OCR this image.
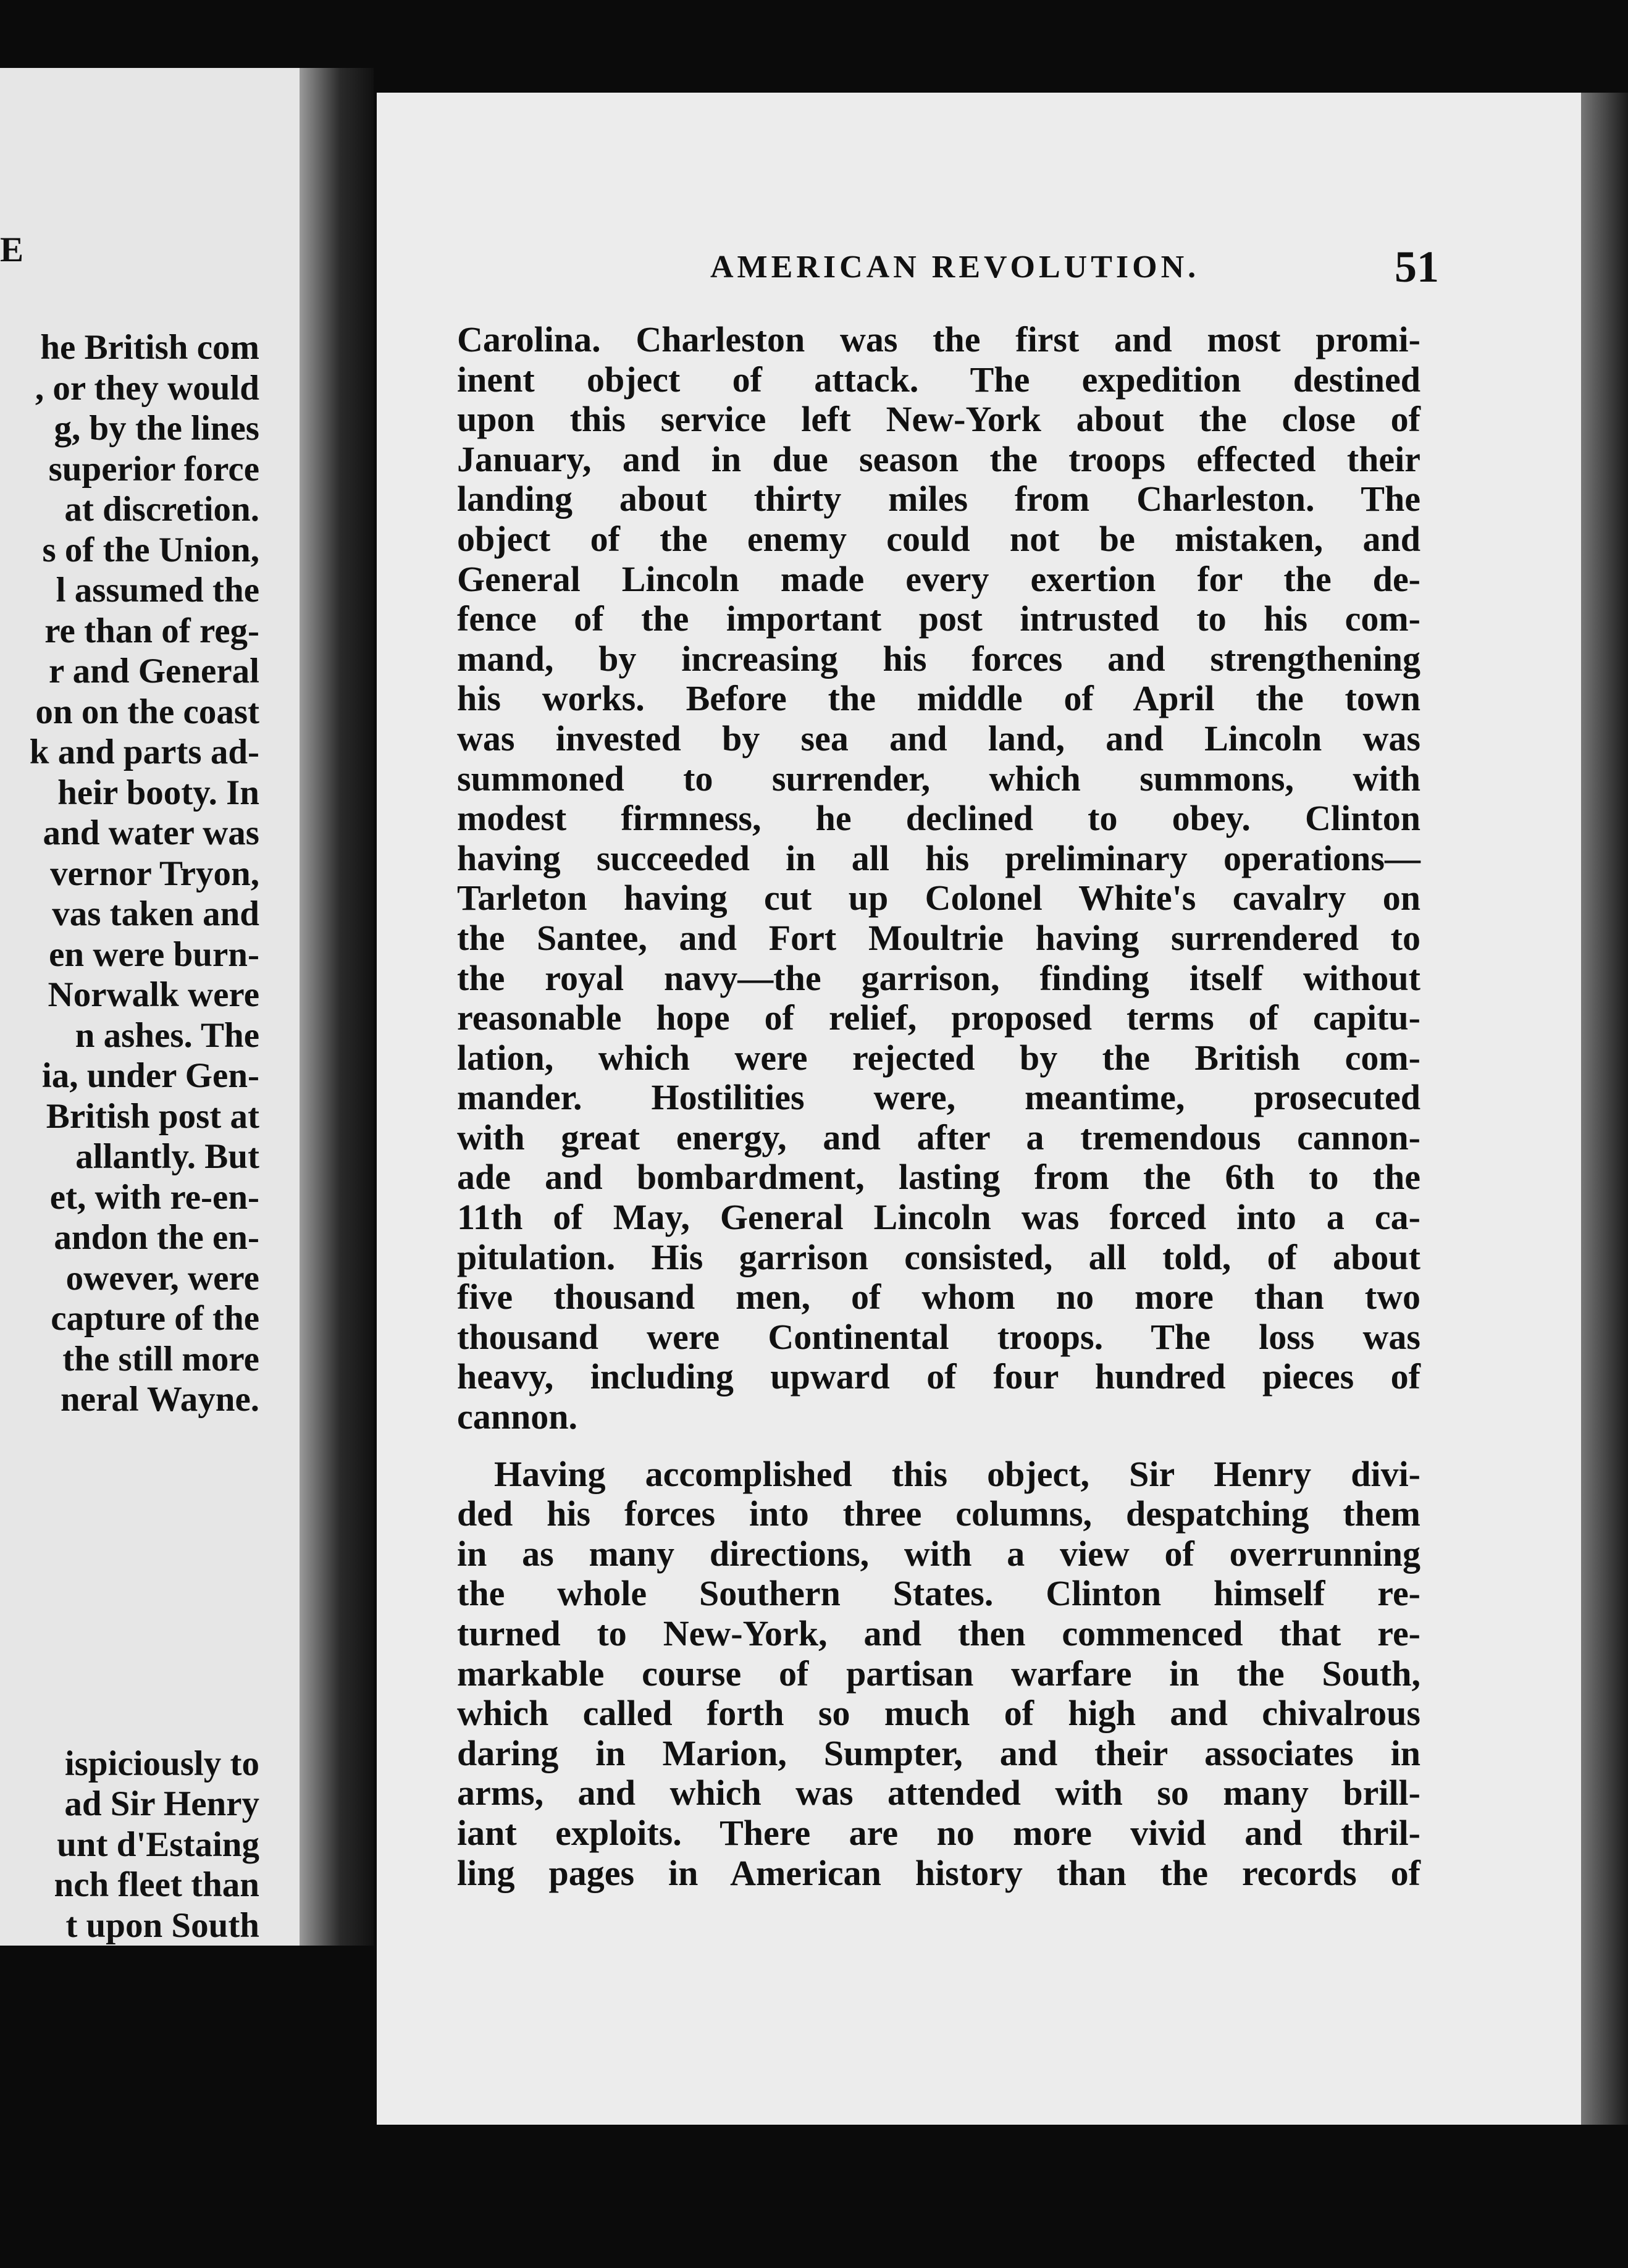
E
he British com
, or they would
g, by the lines
superior force
at discretion.
s of the Union,
l assumed the
re than of reg-
r and General
on on the coast
k and parts ad-
heir booty. In
and water was
vernor Tryon,
vas taken and
en were burn-
Norwalk were
n ashes. The
ia, under Gen-
British post at
allantly. But
et, with re-en-
andon the en-
owever, were
capture of the
the still more
neral Wayne.
ispiciously to
ad Sir Henry
unt d'Estaing
nch fleet than
t upon South
AMERICAN REVOLUTION.	51
Carolina. Charleston was the first and most promi-
inent object of attack. The expedition destined
upon this service left New-York about the close of
January, and in due season the troops effected their
landing about thirty miles from Charleston. The
object of the enemy could not be mistaken, and
General Lincoln made every exertion for the de-
fence of the important post intrusted to his com-
mand, by increasing his forces and strengthening
his works. Before the middle of April the town
was invested by sea and land, and Lincoln was
summoned to surrender, which summons, with
modest firmness, he declined to obey. Clinton
having succeeded in all his preliminary operations—
Tarleton having cut up Colonel White's cavalry on
the Santee, and Fort Moultrie having surrendered to
the royal navy—the garrison, finding itself without
reasonable hope of relief, proposed terms of capitu-
lation, which were rejected by the British com-
mander. Hostilities were, meantime, prosecuted
with great energy, and after a tremendous cannon-
ade and bombardment, lasting from the 6th to the
11th of May, General Lincoln was forced into a ca-
pitulation. His garrison consisted, all told, of about
five thousand men, of whom no more than two
thousand were Continental troops. The loss was
heavy, including upward of four hundred pieces of
cannon.
Having accomplished this object, Sir Henry divi-
ded his forces into three columns, despatching them
in as many directions, with a view of overrunning
the whole Southern States. Clinton himself re-
turned to New-York, and then commenced that re-
markable course of partisan warfare in the South,
which called forth so much of high and chivalrous
daring in Marion, Sumpter, and their associates in
arms, and which was attended with so many brill-
iant exploits. There are no more vivid and thril-
ling pages in American history than the records of
